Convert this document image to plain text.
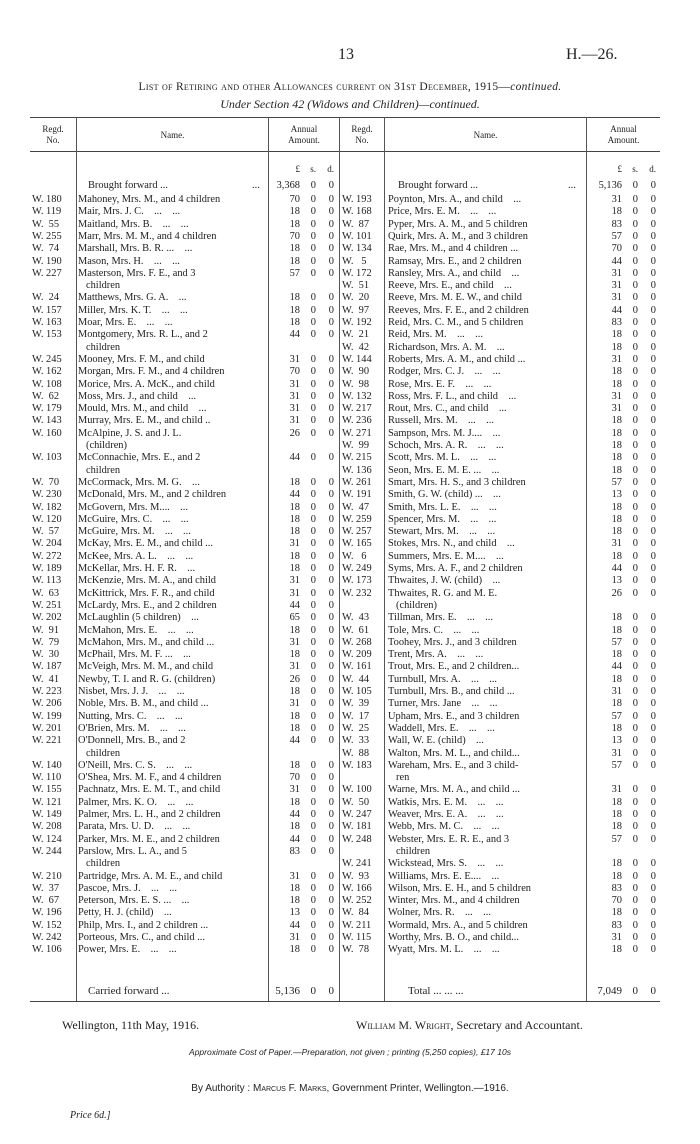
13	H.—26.
List of Retiring and other Allowances current on 31st December, 1915—continued.
Under Section 42 (Widows and Children)—continued.
Regd.
No.	Name.
Annual
Amount.
Regd.
No.	Name.
Annual
Amount.
£	s.	d.	£	s.	d.
Brought forward ...	...	3,368	0	0	Brought forward ...	...	5,136	0	0
W. 180	Mahoney, Mrs. M., and 4 children	70	0	0
W. 119	Mair, Mrs. J. C.    ...    ...	18	0	0
W.  55	Maitland, Mrs. B.    ...    ...	18	0	0
W. 255	Marr, Mrs. M. M., and 4 children	70	0	0
W.  74	Marshall, Mrs. B. R. ...    ...	18	0	0
W. 190	Mason, Mrs. H.    ...    ...	18	0	0
W. 227	Masterson, Mrs. F. E., and 3	57	0	0
children
W.  24	Matthews, Mrs. G. A.    ...	18	0	0
W. 157	Miller, Mrs. K. T.    ...    ...	18	0	0
W. 163	Moar, Mrs. E.    ...    ...	18	0	0
W. 153	Montgomery, Mrs. R. L., and 2	44	0	0
children
W. 245	Mooney, Mrs. F. M., and child	31	0	0
W. 162	Morgan, Mrs. F. M., and 4 children	70	0	0
W. 108	Morice, Mrs. A. McK., and child	31	0	0
W.  62	Moss, Mrs. J., and child    ...	31	0	0
W. 179	Mould, Mrs. M., and child    ...	31	0	0
W. 143	Murray, Mrs. E. M., and child ..	31	0	0
W. 160	McAlpine, J. S. and J. L.	26	0	0
(children)
W. 103	McConnachie, Mrs. E., and 2	44	0	0
children
W.  70	McCormack, Mrs. M. G.    ...	18	0	0
W. 230	McDonald, Mrs. M., and 2 children	44	0	0
W. 182	McGovern, Mrs. M....    ...	18	0	0
W. 120	McGuire, Mrs. C.    ...    ...	18	0	0
W.  57	McGuire, Mrs. M.    ...    ...	18	0	0
W. 204	McKay, Mrs. E. M., and child ...	31	0	0
W. 272	McKee, Mrs. A. L.    ...    ...	18	0	0
W. 189	McKellar, Mrs. H. F. R.    ...	18	0	0
W. 113	McKenzie, Mrs. M. A., and child	31	0	0
W.  63	McKittrick, Mrs. F. R., and child	31	0	0
W. 251	McLardy, Mrs. E., and 2 children	44	0	0
W. 202	McLaughlin (5 children)    ...	65	0	0
W.  91	McMahon, Mrs. E.    ...    ...	18	0	0
W.  79	McMahon, Mrs. M., and child ...	31	0	0
W.  30	McPhail, Mrs. M. F. ...    ...	18	0	0
W. 187	McVeigh, Mrs. M. M., and child	31	0	0
W.  41	Newby, T. I. and R. G. (children)	26	0	0
W. 223	Nisbet, Mrs. J. J.    ...    ...	18	0	0
W. 206	Noble, Mrs. B. M., and child ...	31	0	0
W. 199	Nutting, Mrs. C.    ...    ...	18	0	0
W. 201	O'Brien, Mrs. M.    ...    ...	18	0	0
W. 221	O'Donnell, Mrs. B., and 2	44	0	0
children
W. 140	O'Neill, Mrs. C. S.    ...    ...	18	0	0
W. 110	O'Shea, Mrs. M. F., and 4 children	70	0	0
W. 155	Pachnatz, Mrs. E. M. T., and child	31	0	0
W. 121	Palmer, Mrs. K. O.    ...    ...	18	0	0
W. 149	Palmer, Mrs. L. H., and 2 children	44	0	0
W. 208	Parata, Mrs. U. D.    ...    ...	18	0	0
W. 124	Parker, Mrs. M. E., and 2 children	44	0	0
W. 244	Parslow, Mrs. L. A., and 5	83	0	0
children
W. 210	Partridge, Mrs. A. M. E., and child	31	0	0
W.  37	Pascoe, Mrs. J.    ...    ...	18	0	0
W.  67	Peterson, Mrs. E. S. ...    ...	18	0	0
W. 196	Petty, H. J. (child)    ...	13	0	0
W. 152	Philp, Mrs. I., and 2 children ...	44	0	0
W. 242	Porteous, Mrs. C., and child ...	31	0	0
W. 106	Power, Mrs. E.    ...    ...	18	0	0
W. 193	Poynton, Mrs. A., and child    ...	31	0	0
W. 168	Price, Mrs. E. M.    ...    ...	18	0	0
W.  87	Pyper, Mrs. A. M., and 5 children	83	0	0
W. 101	Quirk, Mrs. A. M., and 3 children	57	0	0
W. 134	Rae, Mrs. M., and 4 children ...	70	0	0
W.   5	Ramsay, Mrs. E., and 2 children	44	0	0
W. 172	Ransley, Mrs. A., and child    ...	31	0	0
W.  51	Reeve, Mrs. E., and child    ...	31	0	0
W.  20	Reeve, Mrs. M. E. W., and child	31	0	0
W.  97	Reeves, Mrs. F. E., and 2 children	44	0	0
W. 192	Reid, Mrs. C. M., and 5 children	83	0	0
W.  21	Reid, Mrs. M.    ...    ...	18	0	0
W.  42	Richardson, Mrs. A. M.    ...	18	0	0
W. 144	Roberts, Mrs. A. M., and child ...	31	0	0
W.  90	Rodger, Mrs. C. J.    ...    ...	18	0	0
W.  98	Rose, Mrs. E. F.    ...    ...	18	0	0
W. 132	Ross, Mrs. F. L., and child    ...	31	0	0
W. 217	Rout, Mrs. C., and child    ...	31	0	0
W. 236	Russell, Mrs. M.    ...    ...	18	0	0
W. 271	Sampson, Mrs. M. J....    ...	18	0	0
W.  99	Schoch, Mrs. A. R.    ...    ...	18	0	0
W. 215	Scott, Mrs. M. L.    ...    ...	18	0	0
W. 136	Seon, Mrs. E. M. E. ...    ...	18	0	0
W. 261	Smart, Mrs. H. S., and 3 children	57	0	0
W. 191	Smith, G. W. (child) ...    ...	13	0	0
W.  47	Smith, Mrs. L. E.    ...    ...	18	0	0
W. 259	Spencer, Mrs. M.    ...    ...	18	0	0
W. 257	Stewart, Mrs. M.    ...    ...	18	0	0
W. 165	Stokes, Mrs. N., and child    ...	31	0	0
W.   6	Summers, Mrs. E. M....    ...	18	0	0
W. 249	Syms, Mrs. A. F., and 2 children	44	0	0
W. 173	Thwaites, J. W. (child)    ...	13	0	0
W. 232	Thwaites, R. G. and M. E.	26	0	0
(children)
W.  43	Tillman, Mrs. E.    ...    ...	18	0	0
W.  61	Tole, Mrs. C.    ...    ...	18	0	0
W. 268	Toohey, Mrs. J., and 3 children	57	0	0
W. 209	Trent, Mrs. A.    ...    ...	18	0	0
W. 161	Trout, Mrs. E., and 2 children...	44	0	0
W.  44	Turnbull, Mrs. A.    ...    ...	18	0	0
W. 105	Turnbull, Mrs. B., and child ...	31	0	0
W.  39	Turner, Mrs. Jane    ...    ...	18	0	0
W.  17	Upham, Mrs. E., and 3 children	57	0	0
W.  25	Waddell, Mrs. E.    ...    ...	18	0	0
W.  33	Wall, W. E. (child)    ...	13	0	0
W.  88	Walton, Mrs. M. L., and child...	31	0	0
W. 183	Wareham, Mrs. E., and 3 child-	57	0	0
ren
W. 100	Warne, Mrs. M. A., and child ...	31	0	0
W.  50	Watkis, Mrs. E. M.    ...    ...	18	0	0
W. 247	Weaver, Mrs. E. A.    ...    ...	18	0	0
W. 181	Webb, Mrs. M. C.    ...    ...	18	0	0
W. 248	Webster, Mrs. E. R. E., and 3	57	0	0
children
W. 241	Wickstead, Mrs. S.    ...    ...	18	0	0
W.  93	Williams, Mrs. E. E....    ...	18	0	0
W. 166	Wilson, Mrs. E. H., and 5 children	83	0	0
W. 252	Winter, Mrs. M., and 4 children	70	0	0
W.  84	Wolner, Mrs. R.    ...    ...	18	0	0
W. 211	Wormald, Mrs. A., and 5 children	83	0	0
W. 115	Worthy, Mrs. B. O., and child...	31	0	0
W.  78	Wyatt, Mrs. M. L.    ...    ...	18	0	0
Carried forward ...	5,136 0	0	Total ... ... ...	7,049 0	0
Wellington, 11th May, 1916.	William M. Wright, Secretary and Accountant.
Approximate Cost of Paper.—Preparation, not given ; printing (5,250 copies), £17 10s
By Authority : Marcus F. Marks, Government Printer, Wellington.—1916.
Price 6d.]
